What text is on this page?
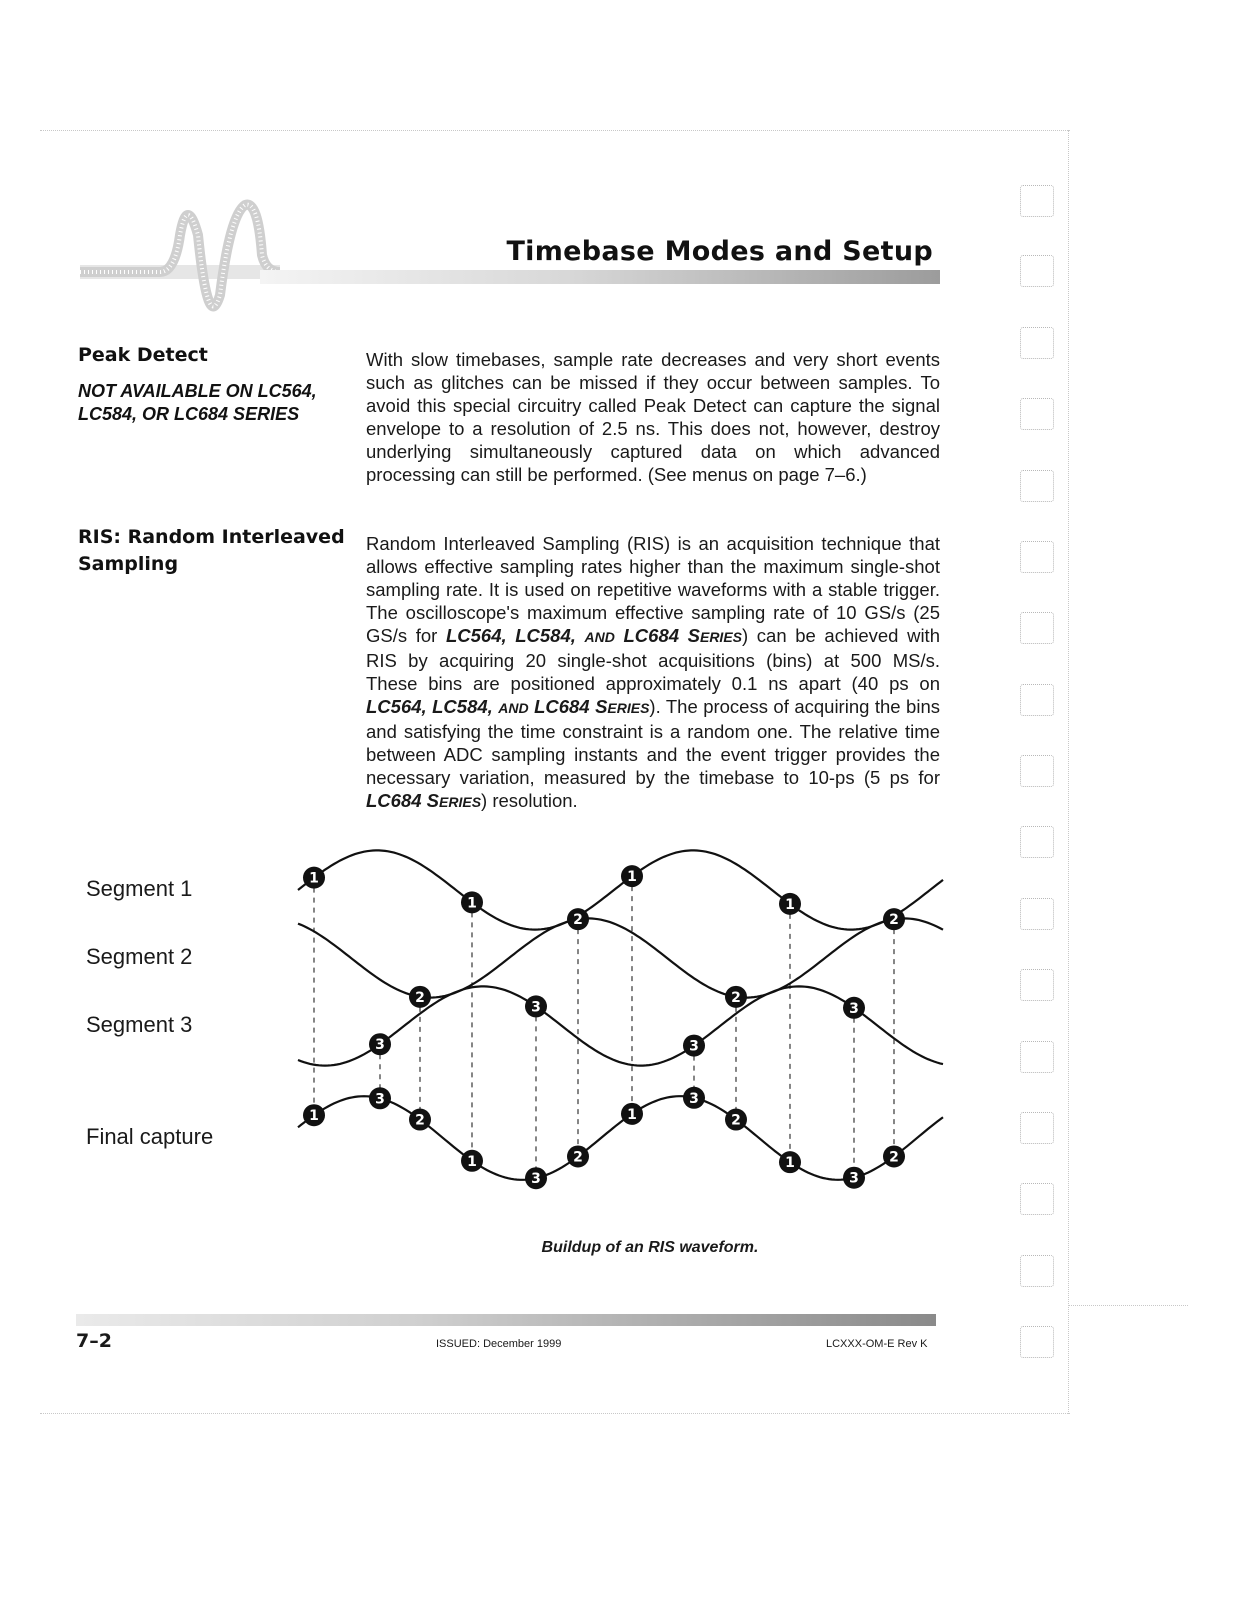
Timebase Modes and Setup
Peak Detect

NOT AVAILABLE ON LC564, LC584, OR LC684 SERIES

With slow timebases, sample rate decreases and very short events such as glitches can be missed if they occur between samples. To avoid this special circuitry called Peak Detect can capture the signal envelope to a resolution of 2.5 ns. This does not, however, destroy underlying simultaneously captured data on which advanced processing can still be performed. (See menus on page 7–6.)

RIS: Random Interleaved
Sampling

Random Interleaved Sampling (RIS) is an acquisition technique that allows effective sampling rates higher than the maximum single-shot sampling rate. It is used on repetitive waveforms with a stable trigger. The oscilloscope's maximum effective sampling rate of 10 GS/s (25 GS/s for LC564, LC584, AND LC684 SERIES) can be achieved with RIS by acquiring 20 single-shot acquisitions (bins) at 500 MS/s. These bins are positioned approximately 0.1 ns apart (40 ps on LC564, LC584, AND LC684 SERIES). The process of acquiring the bins and satisfying the time constraint is a random one. The relative time between ADC sampling instants and the event trigger provides the necessary variation, measured by the timebase to 10-ps (5 ps for LC684 SERIES) resolution.

Segment 1

Segment 2

Segment 3

Final capture

1
1
1
1
1
1
1
1
2
2
2
2
2
2
2
2
3
3
3
3
3
3
3
3

Buildup of an RIS waveform.

7–2	ISSUED: December 1999	LCXXX-OM-E Rev K
